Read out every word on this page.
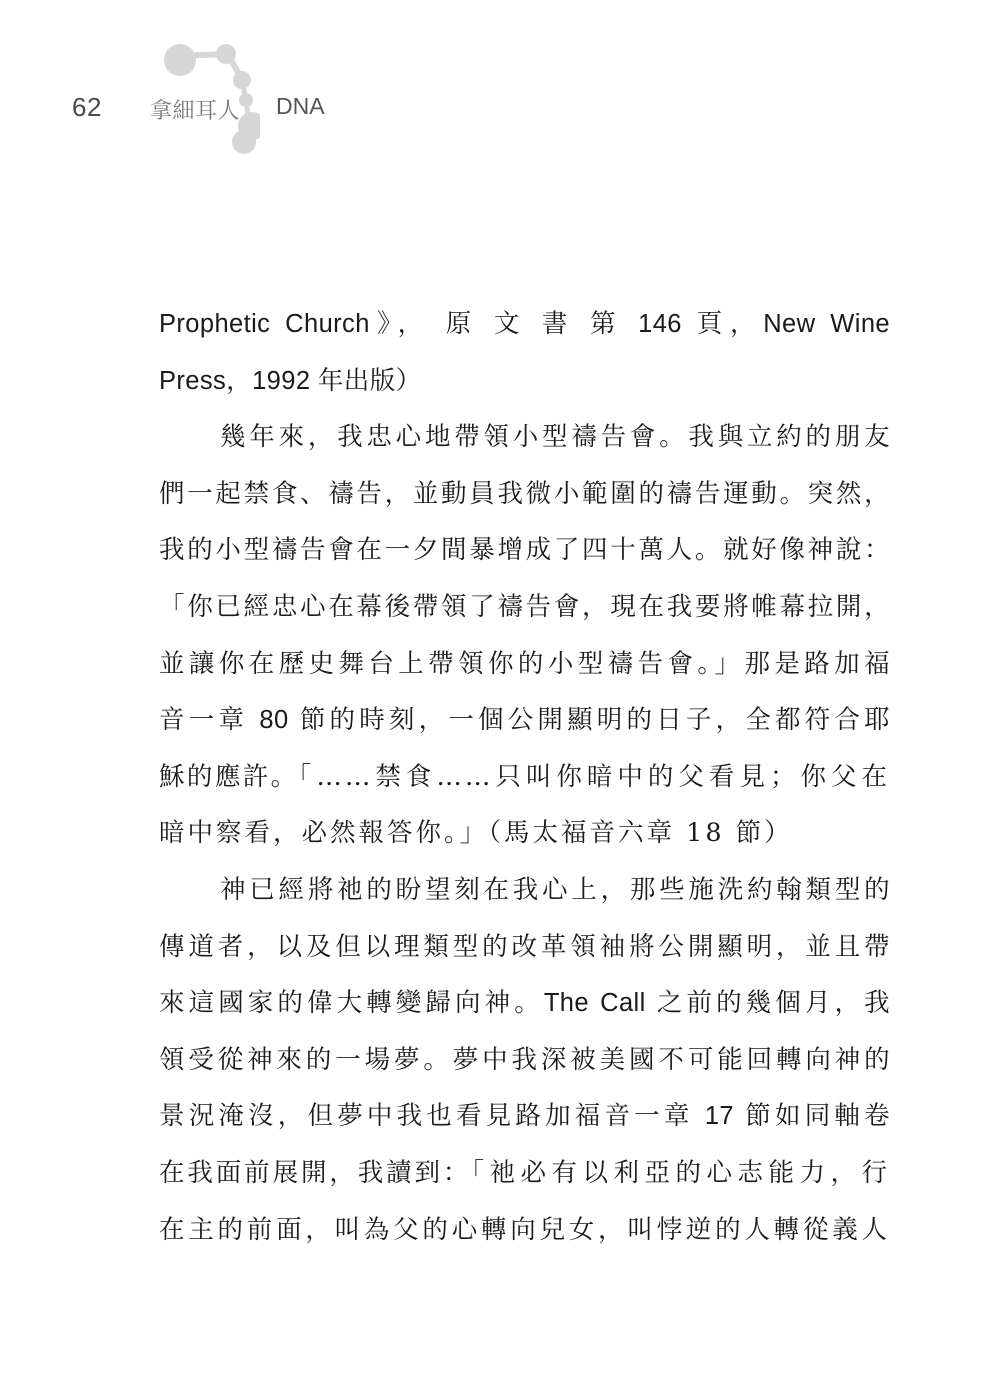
62 拿細耳人 DNA
Prophetic Church》， 原 文 書 第 146 頁，New Wine
Press，1992 年出版）
幾年來，我忠心地帶領小型禱告會。我與立約的朋友
們一起禁食、禱告，並動員我微小範圍的禱告運動。突然，
我的小型禱告會在一夕間暴增成了四十萬人。就好像神說：
「你已經忠心在幕後帶領了禱告會，現在我要將帷幕拉開，
並讓你在歷史舞台上帶領你的小型禱告會。」那是路加福
音一章 80 節的時刻，一個公開顯明的日子，全都符合耶
穌的應許。「……禁食……只叫你暗中的父看見；你父在
暗中察看，必然報答你。」（馬太福音六章 18 節）
神已經將祂的盼望刻在我心上，那些施洗約翰類型的
傳道者，以及但以理類型的改革領袖將公開顯明，並且帶
來這國家的偉大轉變歸向神。The Call 之前的幾個月，我
領受從神來的一場夢。夢中我深被美國不可能回轉向神的
景況淹沒，但夢中我也看見路加福音一章 17 節如同軸卷
在我面前展開，我讀到：「祂必有以利亞的心志能力，行
在主的前面，叫為父的心轉向兒女，叫悖逆的人轉從義人
